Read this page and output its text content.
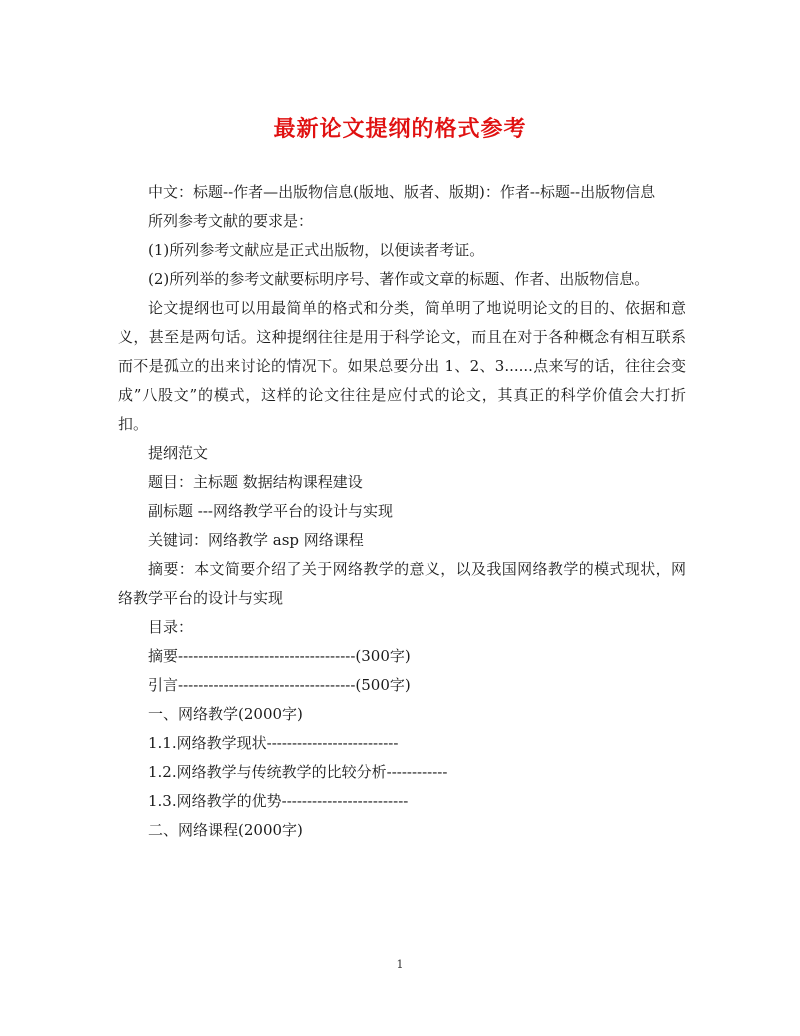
最新论文提纲的格式参考

中文：标题--作者—出版物信息(版地、版者、版期)：作者--标题--出版物信息

所列参考文献的要求是：

(1)所列参考文献应是正式出版物，以便读者考证。

(2)所列举的参考文献要标明序号、著作或文章的标题、作者、出版物信息。

论文提纲也可以用最简单的格式和分类，简单明了地说明论文的目的、依据和意义，甚至是两句话。这种提纲往往是用于科学论文，而且在对于各种概念有相互联系而不是孤立的出来讨论的情况下。如果总要分出 1、2、3......点来写的话，往往会变成”八股文”的模式，这样的论文往往是应付式的论文，其真正的科学价值会大打折扣。

提纲范文

题目：主标题 数据结构课程建设

副标题 ---网络教学平台的设计与实现

关键词：网络教学 asp 网络课程

摘要：本文简要介绍了关于网络教学的意义，以及我国网络教学的模式现状，网络教学平台的设计与实现

目录：

摘要-----------------------------------(300字)

引言-----------------------------------(500字)

一、网络教学(2000字)

1.1.网络教学现状--------------------------

1.2.网络教学与传统教学的比较分析------------

1.3.网络教学的优势-------------------------

二、网络课程(2000字)

1
